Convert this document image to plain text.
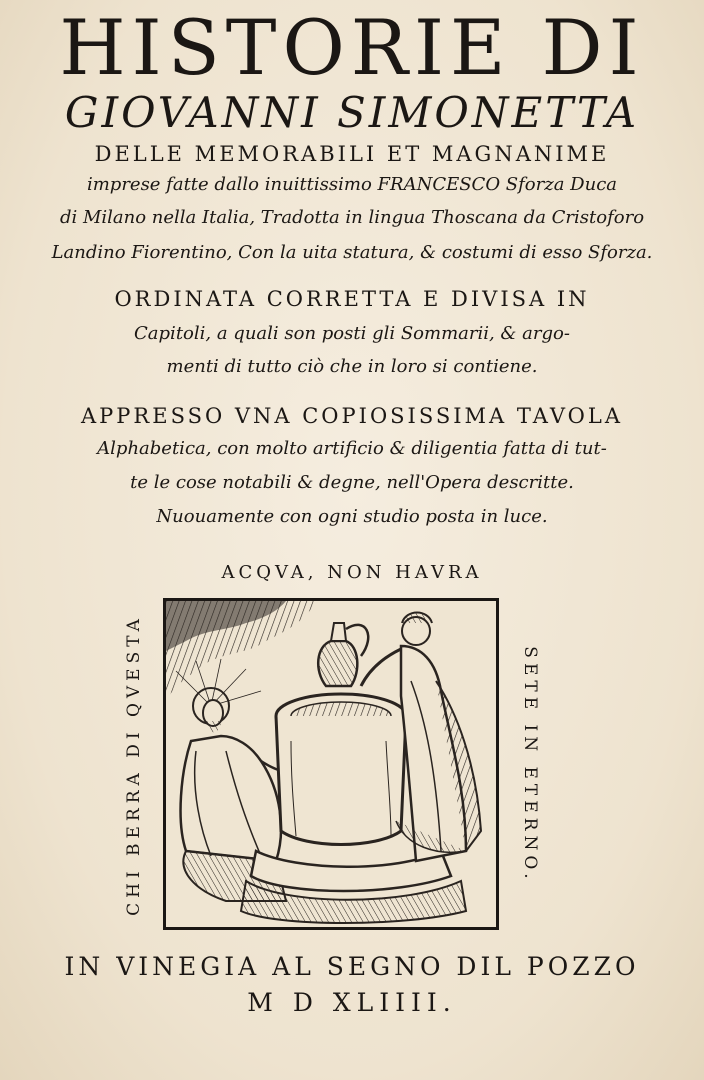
HISTORIE DI
GIOVANNI SIMONETTA
DELLE MEMORABILI ET MAGNANIME
imprese fatte dallo inuittissimo FRANCESCO Sforza Duca
di Milano nella Italia, Tradotta in lingua Thoscana da Cristoforo
Landino Fiorentino, Con la uita statura, & costumi di esso Sforza.
ORDINATA CORRETTA E DIVISA IN
Capitoli, a quali son posti gli Sommarii, & argo-
menti di tutto ciò che in loro si contiene.
APPRESSO VNA COPIOSISSIMA TAVOLA
Alphabetica, con molto artificio & diligentia fatta di tut-
te le cose notabili & degne, nell'Opera descritte.
Nuouamente con ogni studio posta in luce.
ACQVA, NON HAVRA
CHI BERRA DI QVESTA	SETE IN ETERNO.
IN VINEGIA AL SEGNO DIL POZZO
M D XLIIII.
